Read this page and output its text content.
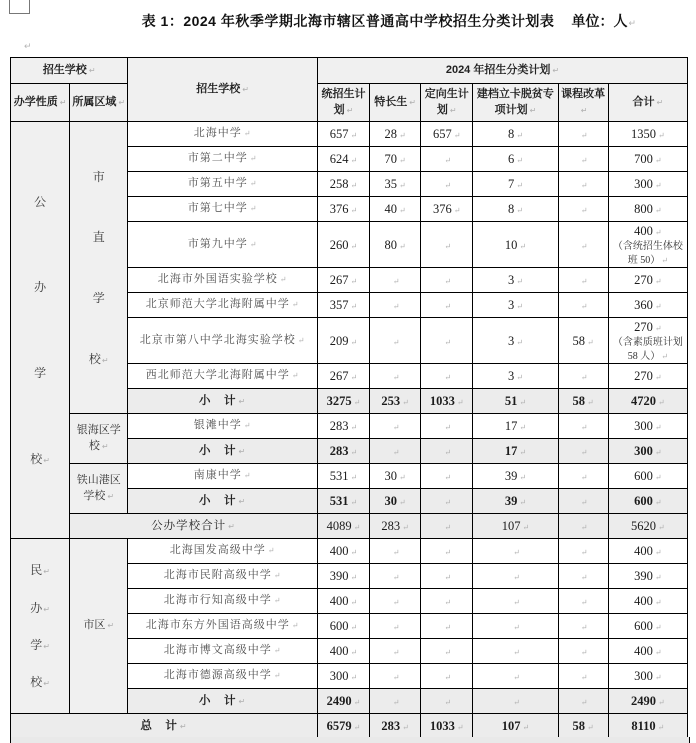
表 1：2024 年秋季学期北海市辖区普通高中学校招生分类计划表 单位：人 ↵
↵
招生学校 ↵		招生学校 ↵	2024 年招生分类计划 ↵
办学性质 ↵	所属区域 ↵		统招生计划 ↵	特长生 ↵	定向生计划 ↵	建档立卡脱贫专项计划 ↵	课程改革 ↵	合计 ↵

公
办
学
校 ↵	市
直
学
校 ↵	北海中学 ↵	657 ↵	28 ↵	657 ↵	8 ↵	↵	1350 ↵
		市第二中学 ↵	624 ↵	70 ↵	↵	6 ↵	↵	700 ↵
		市第五中学 ↵	258 ↵	35 ↵	↵	7 ↵	↵	300 ↵
		市第七中学 ↵	376 ↵	40 ↵	376 ↵	8 ↵	↵	800 ↵
		市第九中学 ↵	260 ↵	80 ↵	↵	10 ↵	↵	400 ↵
（含统招生体校班 50） ↵

		北海市外国语实验学校 ↵	267 ↵	↵	↵	3 ↵	↵	270 ↵
		北京师范大学北海附属中学 ↵	357 ↵	↵	↵	3 ↵	↵	360 ↵
		北京市第八中学北海实验学校 ↵	209 ↵	↵	↵	3 ↵	58 ↵	270 ↵
（含素质班计划 58 人） ↵

		西北师范大学北海附属中学 ↵	267 ↵	↵	↵	3 ↵	↵	270 ↵
		小　计 ↵	3275 ↵	253 ↵	1033 ↵	51 ↵	58 ↵	4720 ↵
	银海区学校 ↵	银滩中学 ↵	283 ↵	↵	↵	17 ↵	↵	300 ↵
		小　计 ↵	283 ↵	↵	↵	17 ↵	↵	300 ↵
	铁山港区学校 ↵	南康中学 ↵	531 ↵	30 ↵	↵	39 ↵	↵	600 ↵
		小　计 ↵	531 ↵	30 ↵	↵	39 ↵	↵	600 ↵
	公办学校合计 ↵		4089 ↵	283 ↵	↵	107 ↵	↵	5620 ↵

民 ↵
办 ↵
学 ↵
校 ↵	市区 ↵	北海国发高级中学 ↵	400 ↵	↵	↵	↵	↵	400 ↵
		北海市民附高级中学 ↵	390 ↵	↵	↵	↵	↵	390 ↵
		北海市行知高级中学 ↵	400 ↵	↵	↵	↵	↵	400 ↵
		北海市东方外国语高级中学 ↵	600 ↵	↵	↵	↵	↵	600 ↵
		北海市博文高级中学 ↵	400 ↵	↵	↵	↵	↵	400 ↵
		北海市德源高级中学 ↵	300 ↵	↵	↵	↵	↵	300 ↵
		小　计 ↵	2490 ↵	↵	↵	↵	↵	2490 ↵
总　计 ↵			6579 ↵	283 ↵	1033 ↵	107 ↵	58 ↵	8110 ↵
